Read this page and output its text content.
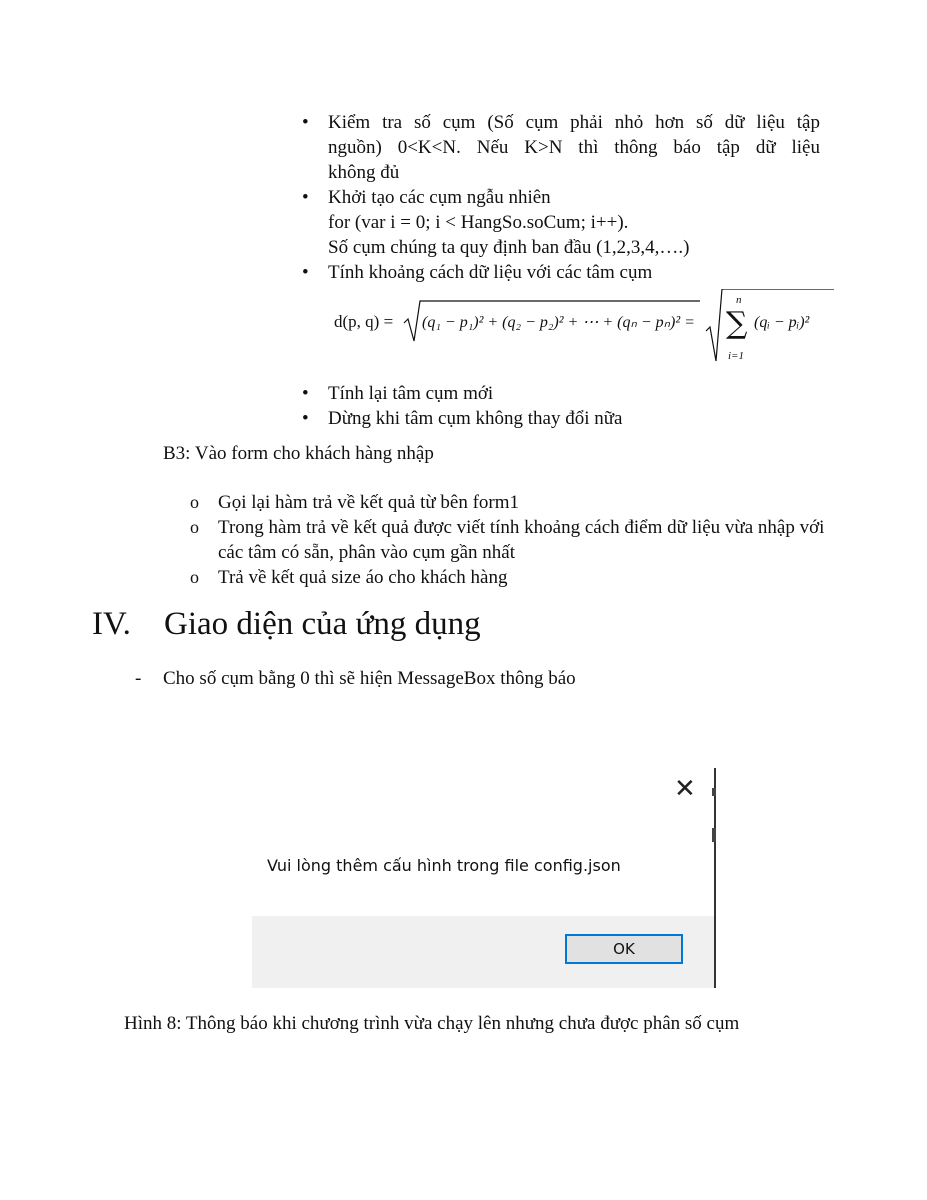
• Kiểm tra số cụm (Số cụm phải nhỏ hơn số dữ liệu tập
nguồn) 0<K<N. Nếu K>N thì thông báo tập dữ liệu
không đủ
• Khởi tạo các cụm ngẫu nhiên
for (var i = 0; i < HangSo.soCum; i++).
Số cụm chúng ta quy định ban đầu (1,2,3,4,….)
• Tính khoảng cách dữ liệu với các tâm cụm
d(p, q) = (q₁ − p₁)² + (q₂ − p₂)² + ⋯ + (qₙ − pₙ)² =
n
∑
i=1
(qᵢ − pᵢ)²
• Tính lại tâm cụm mới
• Dừng khi tâm cụm không thay đổi nữa
B3: Vào form cho khách hàng nhập
o Gọi lại hàm trả về kết quả từ bên form1
o Trong hàm trả về kết quả được viết tính khoảng cách điểm dữ liệu vừa nhập với các tâm có sẵn, phân vào cụm gần nhất
o Trả về kết quả size áo cho khách hàng
IV. Giao diện của ứng dụng
- Cho số cụm bằng 0 thì sẽ hiện MessageBox thông báo
✕
Vui lòng thêm cấu hình trong file config.json
OK
Hình 8: Thông báo khi chương trình vừa chạy lên nhưng chưa được phân số cụm
